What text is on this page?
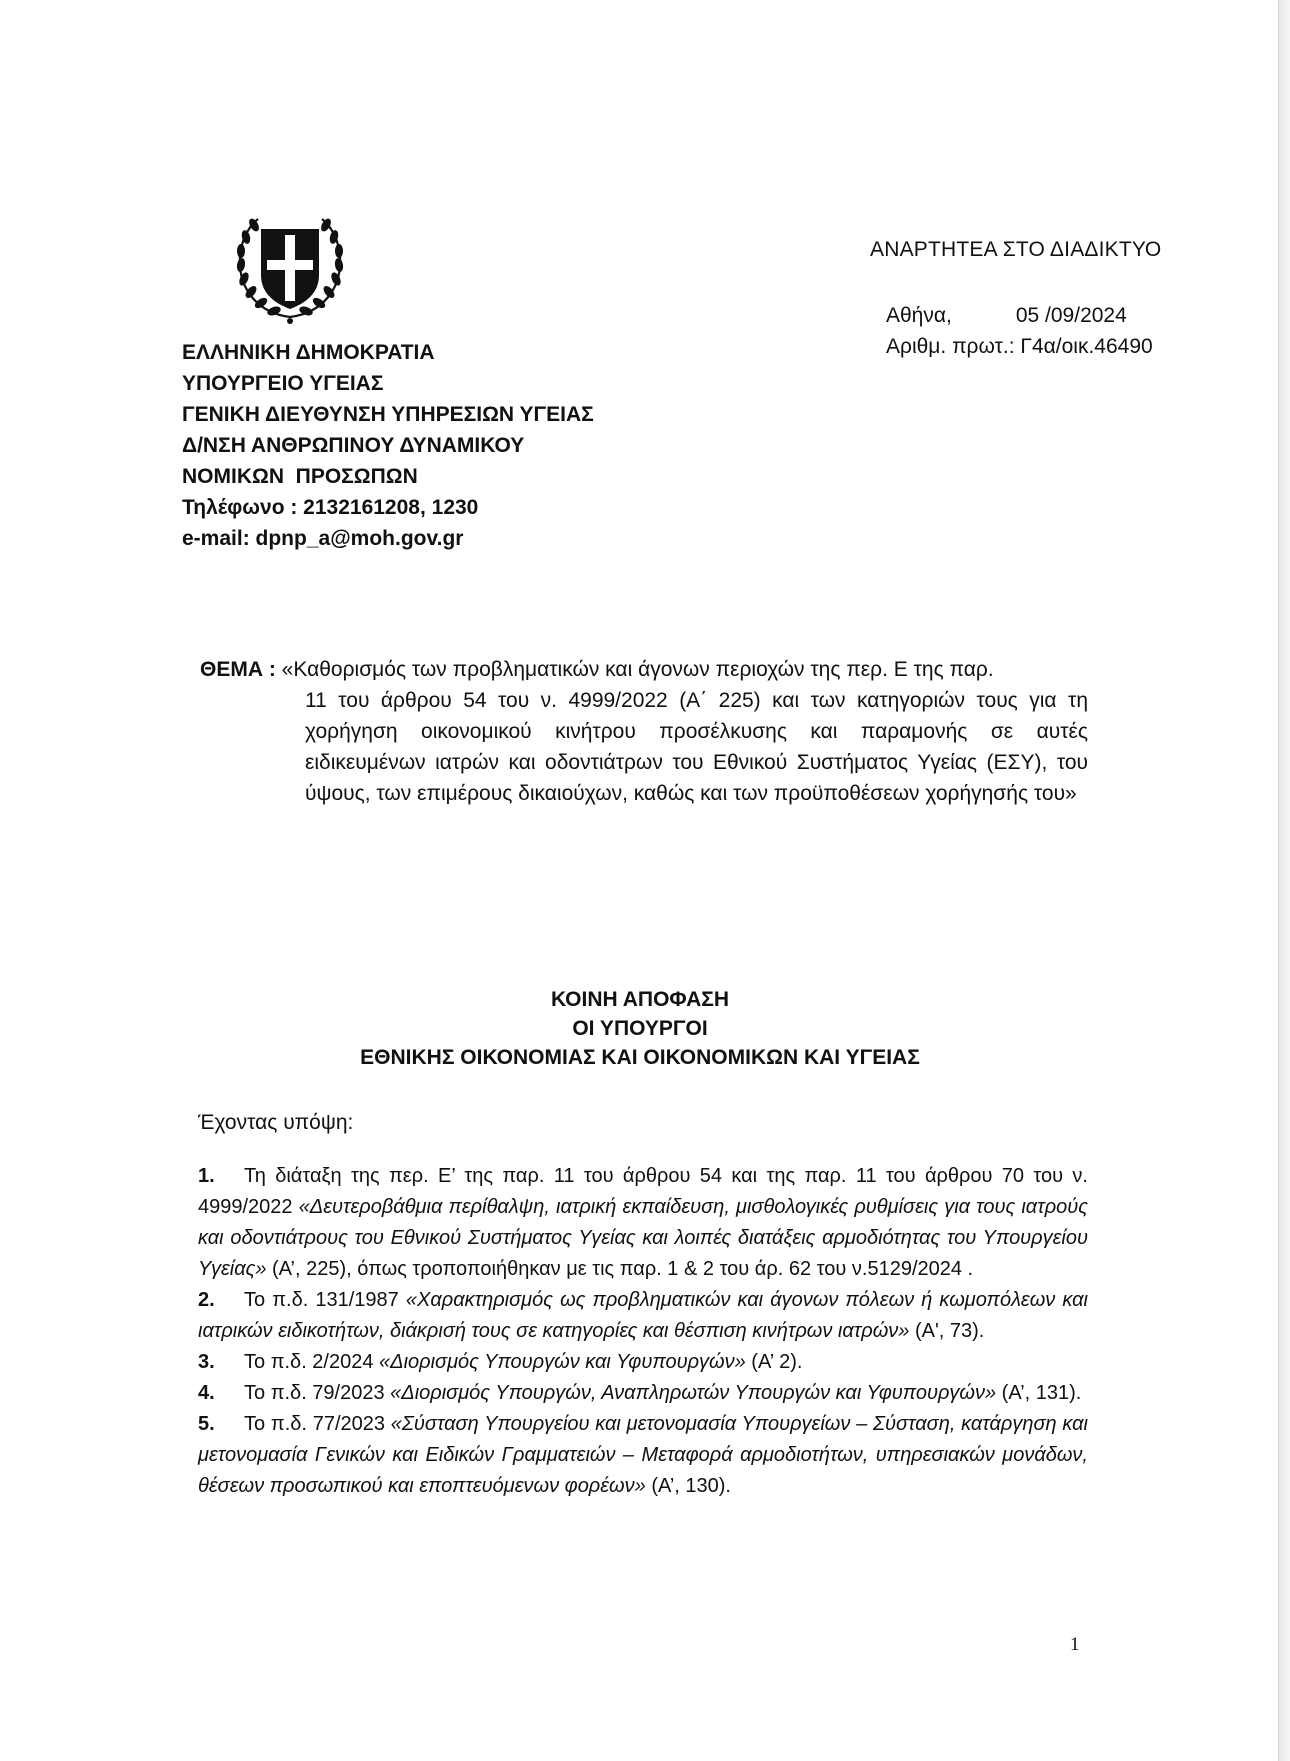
ΑΝΑΡΤΗΤΕΑ ΣΤΟ ΔΙΑΔΙΚΤΥΟ
Αθήνα,	05 /09/2024
Αριθμ. πρωτ.: Γ4α/οικ.46490
ΕΛΛΗΝΙΚΗ ΔΗΜΟΚΡΑΤΙΑ
ΥΠΟΥΡΓΕΙΟ ΥΓΕΙΑΣ
ΓΕΝΙΚΗ ΔΙΕΥΘΥΝΣΗ ΥΠΗΡΕΣΙΩΝ ΥΓΕΙΑΣ
Δ/ΝΣΗ ΑΝΘΡΩΠΙΝΟΥ ΔΥΝΑΜΙΚΟΥ
ΝΟΜΙΚΩΝ  ΠΡΟΣΩΠΩΝ
Τηλέφωνο : 2132161208, 1230
e-mail: dpnp_a@moh.gov.gr
ΘΕΜΑ : «Καθορισμός των προβληματικών και άγονων περιοχών της περ. Ε της παρ.
11 του άρθρου 54 του ν. 4999/2022 (Α΄ 225) και των κατηγοριών τους για τη χορήγηση οικονομικού κινήτρου προσέλκυσης και παραμονής σε αυτές ειδικευμένων ιατρών και οδοντιάτρων του Εθνικού Συστήματος Υγείας (ΕΣΥ), του ύψους, των επιμέρους δικαιούχων, καθώς και των προϋποθέσεων χορήγησής του»
ΚΟΙΝΗ ΑΠΟΦΑΣΗ
ΟΙ ΥΠΟΥΡΓΟΙ
ΕΘΝΙΚΗΣ ΟΙΚΟΝΟΜΙΑΣ ΚΑΙ ΟΙΚΟΝΟΜΙΚΩΝ ΚΑΙ ΥΓΕΙΑΣ
Έχοντας υπόψη:
1. Τη διάταξη της περ. Ε’ της παρ. 11 του άρθρου 54 και της παρ. 11 του άρθρου 70 του ν. 4999/2022 «Δευτεροβάθμια περίθαλψη, ιατρική εκπαίδευση, μισθολογικές ρυθμίσεις για τους ιατρούς και οδοντιάτρους του Εθνικού Συστήματος Υγείας και λοιπές διατάξεις αρμοδιότητας του Υπουργείου Υγείας» (Α’, 225), όπως τροποποιήθηκαν με τις παρ. 1 & 2 του άρ. 62 του ν.5129/2024 .
2. Το π.δ. 131/1987 «Χαρακτηρισμός ως προβληματικών και άγονων πόλεων ή κωμοπόλεων και ιατρικών ειδικοτήτων, διάκρισή τους σε κατηγορίες και θέσπιση κινήτρων ιατρών» (Α', 73).
3. Το π.δ. 2/2024 «Διορισμός Υπουργών και Υφυπουργών» (Α’ 2).
4. Το π.δ. 79/2023 «Διορισμός Υπουργών, Αναπληρωτών Υπουργών και Υφυπουργών» (Α’, 131).
5. Το π.δ. 77/2023 «Σύσταση Υπουργείου και μετονομασία Υπουργείων – Σύσταση, κατάργηση και μετονομασία Γενικών και Ειδικών Γραμματειών – Μεταφορά αρμοδιοτήτων, υπηρεσιακών μονάδων, θέσεων προσωπικού και εποπτευόμενων φορέων» (Α’, 130).
1
